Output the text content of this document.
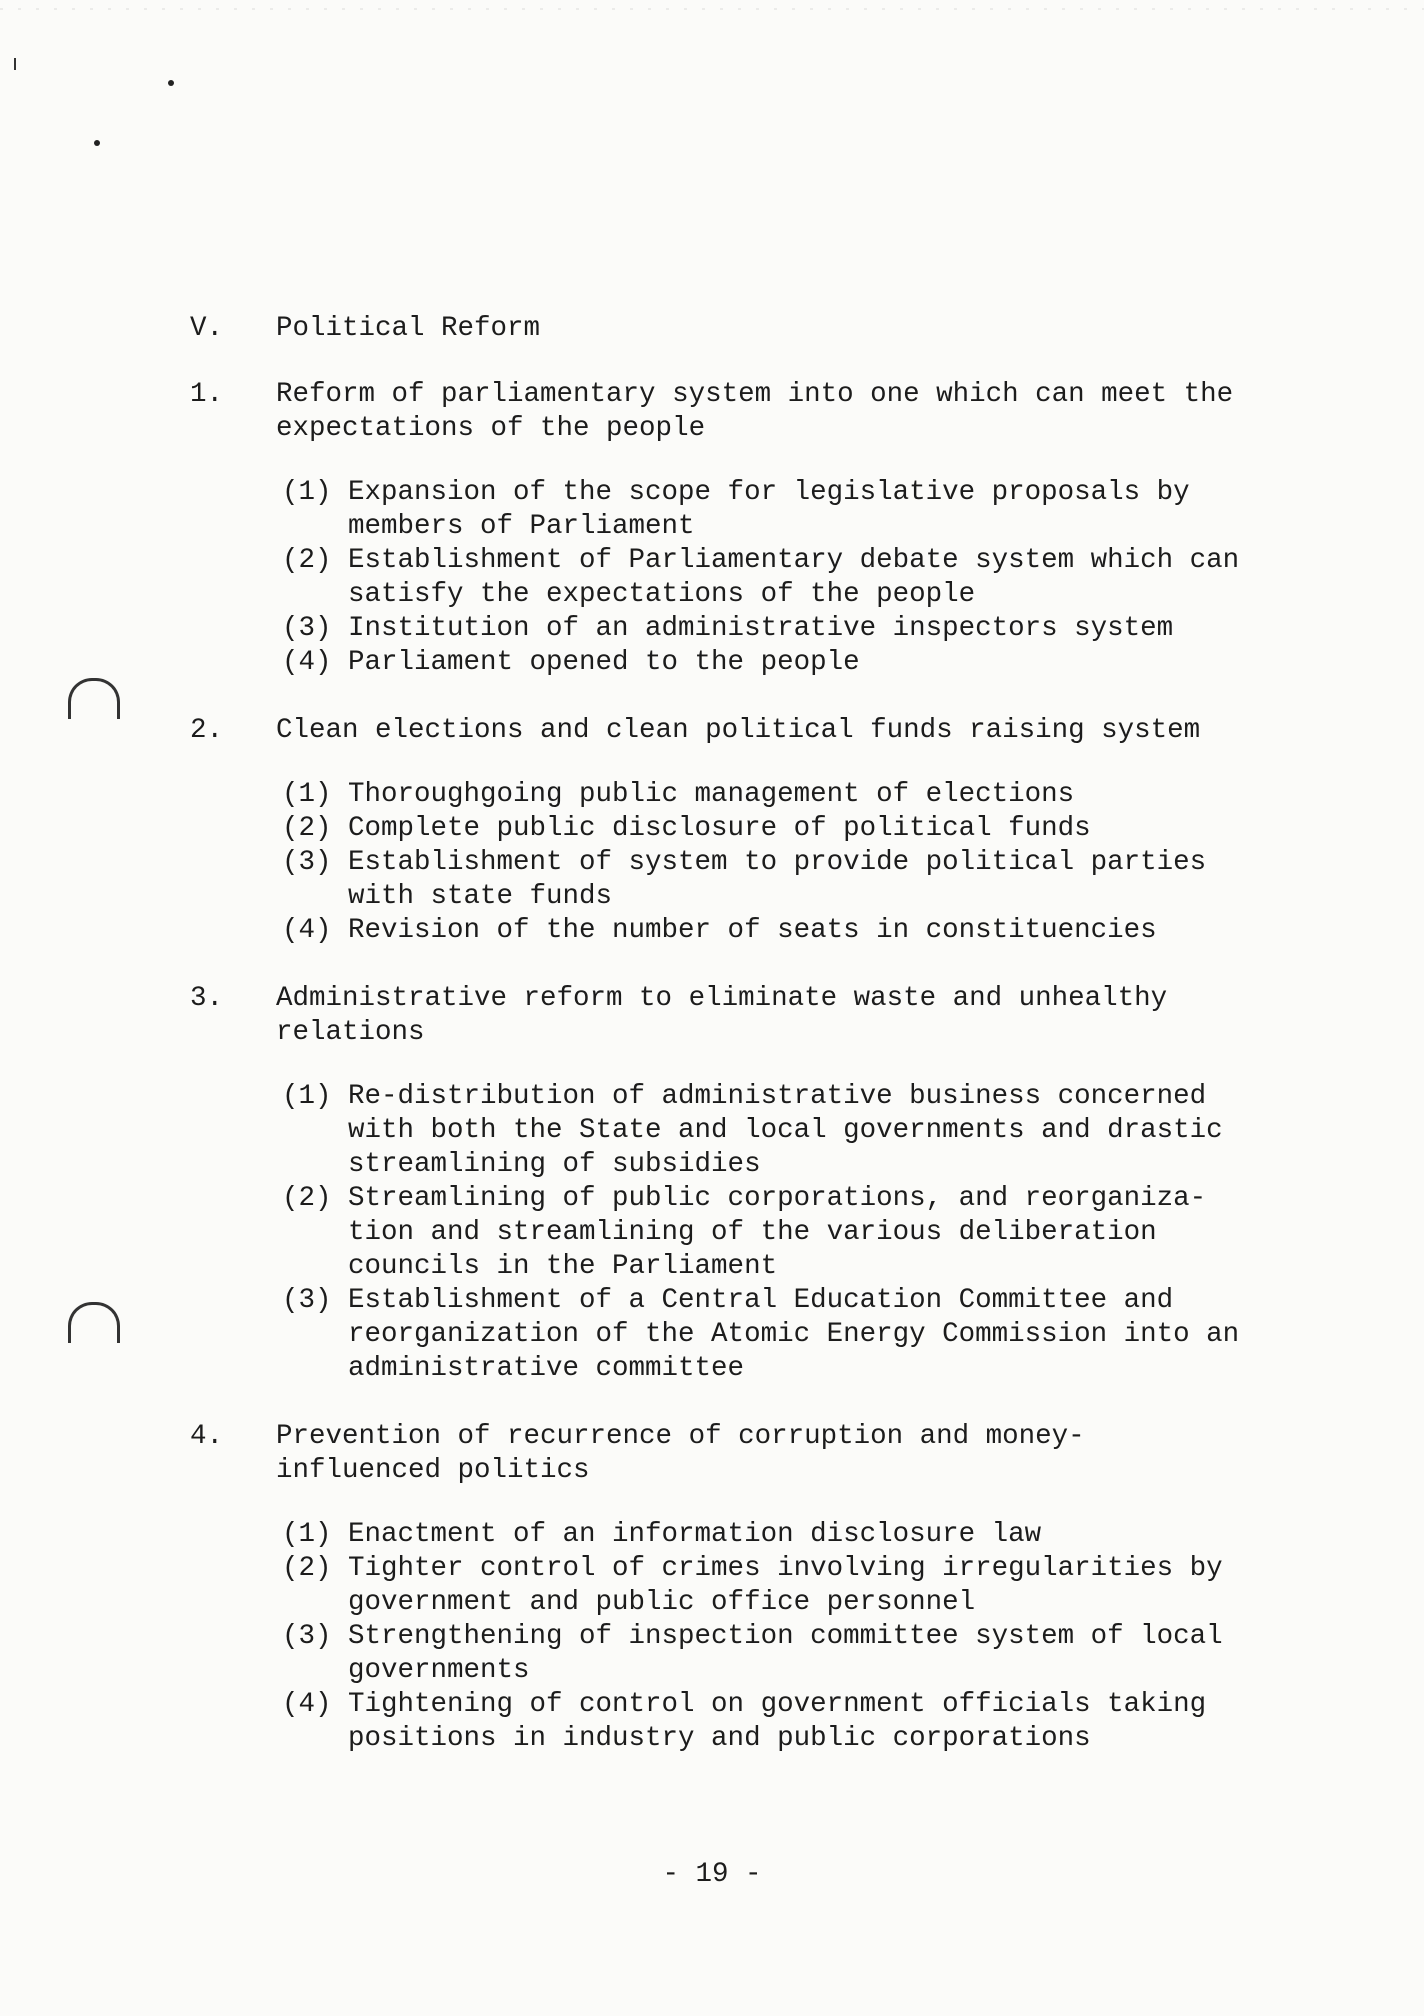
V.	Political Reform
1.	Reform of parliamentary system into one which can meet the expectations of the people
(1) Expansion of the scope for legislative proposals by members of Parliament
(2) Establishment of Parliamentary debate system which can satisfy the expectations of the people
(3) Institution of an administrative inspectors system
(4) Parliament opened to the people
2.	Clean elections and clean political funds raising system
(1) Thoroughgoing public management of elections
(2) Complete public disclosure of political funds
(3) Establishment of system to provide political parties with state funds
(4) Revision of the number of seats in constituencies
3.	Administrative reform to eliminate waste and unhealthy relations
(1) Re-distribution of administrative business concerned with both the State and local governments and drastic streamlining of subsidies
(2) Streamlining of public corporations, and reorganiza- tion and streamlining of the various deliberation councils in the Parliament
(3) Establishment of a Central Education Committee and reorganization of the Atomic Energy Commission into an administrative committee
4.	Prevention of recurrence of corruption and money- influenced politics
(1) Enactment of an information disclosure law
(2) Tighter control of crimes involving irregularities by government and public office personnel
(3) Strengthening of inspection committee system of local governments
(4) Tightening of control on government officials taking positions in industry and public corporations
- 19 -
